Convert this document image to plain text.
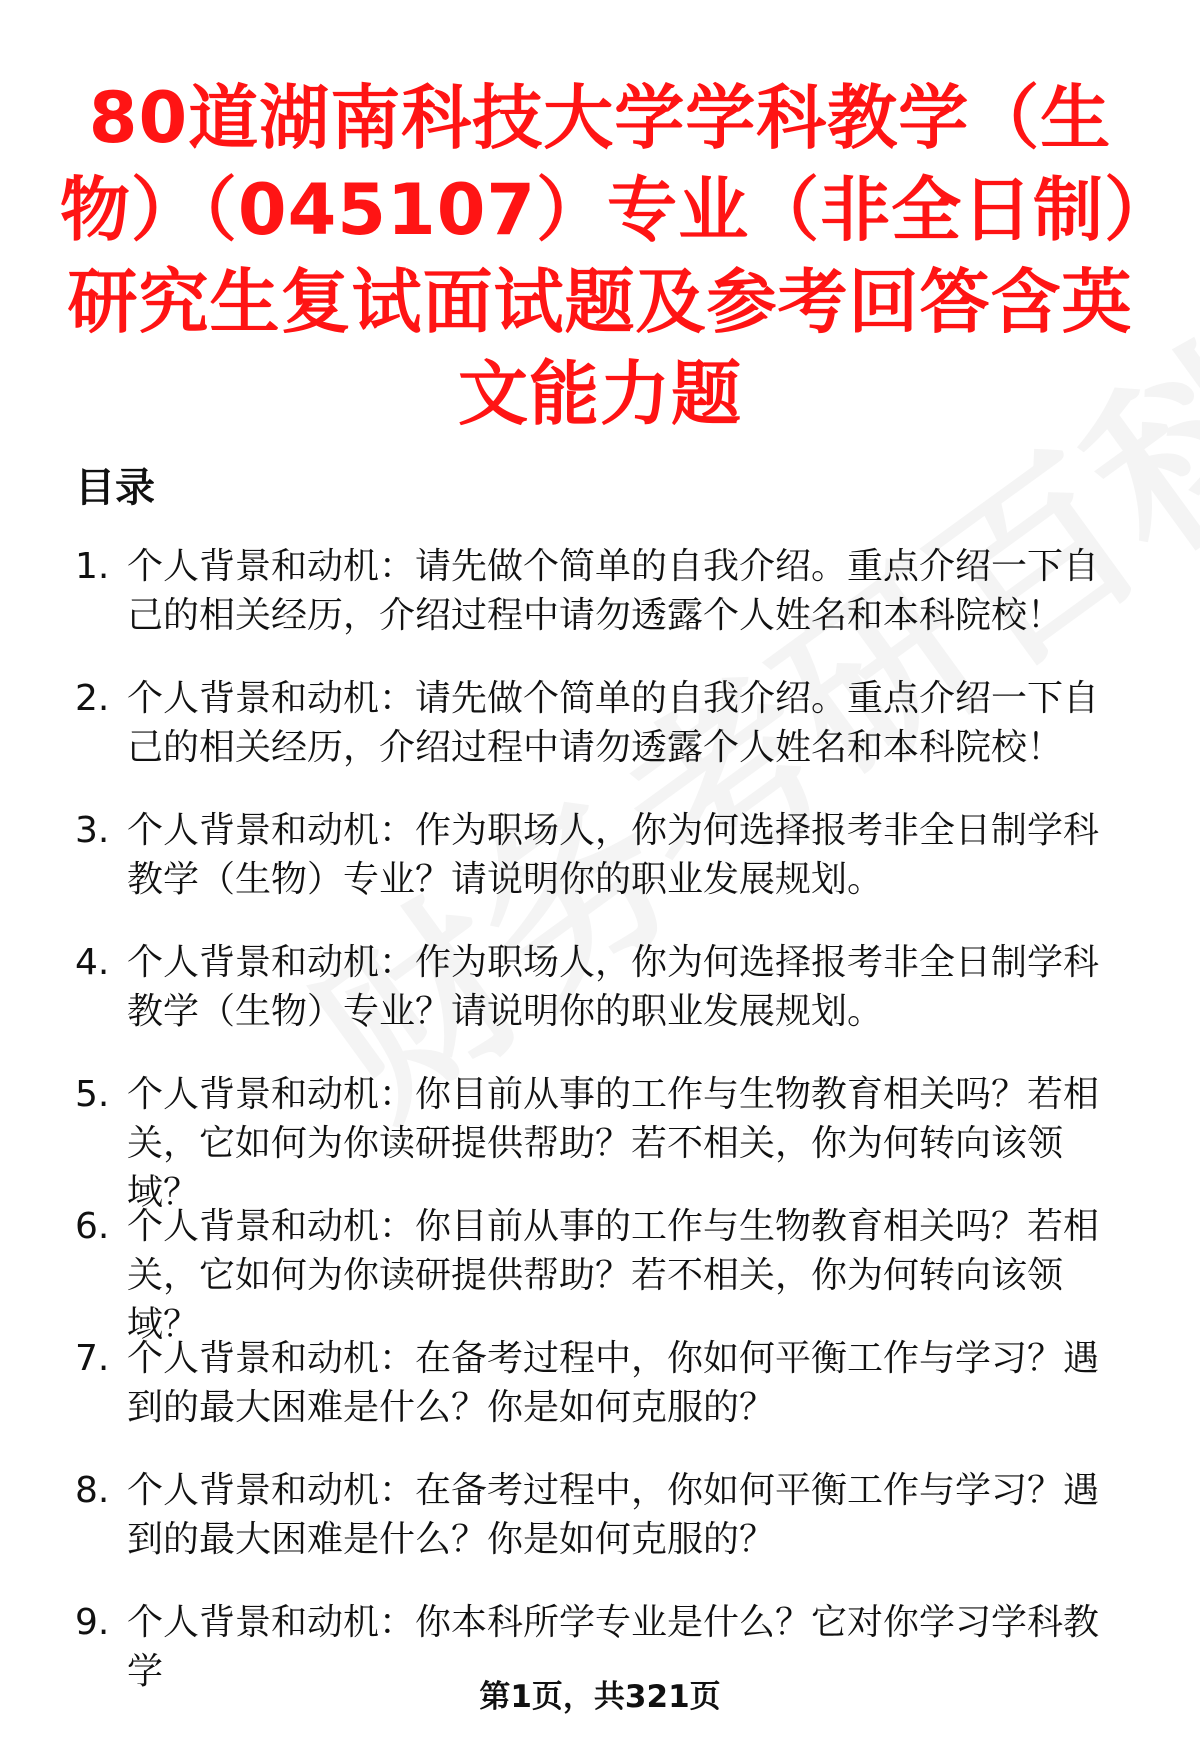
80道湖南科技大学学科教学（生物）（045107）专业（非全日制）研究生复试面试题及参考回答含英文能力题
目录
1. 个人背景和动机：请先做个简单的自我介绍。重点介绍一下自己的相关经历，介绍过程中请勿透露个人姓名和本科院校！
2. 个人背景和动机：请先做个简单的自我介绍。重点介绍一下自己的相关经历，介绍过程中请勿透露个人姓名和本科院校！
3. 个人背景和动机：作为职场人，你为何选择报考非全日制学科教学（生物）专业？请说明你的职业发展规划。
4. 个人背景和动机：作为职场人，你为何选择报考非全日制学科教学（生物）专业？请说明你的职业发展规划。
5. 个人背景和动机：你目前从事的工作与生物教育相关吗？若相关，它如何为你读研提供帮助？若不相关，你为何转向该领域？
6. 个人背景和动机：你目前从事的工作与生物教育相关吗？若相关，它如何为你读研提供帮助？若不相关，你为何转向该领域？
7. 个人背景和动机：在备考过程中，你如何平衡工作与学习？遇到的最大困难是什么？你是如何克服的？
8. 个人背景和动机：在备考过程中，你如何平衡工作与学习？遇到的最大困难是什么？你是如何克服的？
9. 个人背景和动机：你本科所学专业是什么？它对你学习学科教学
第1页，共321页
